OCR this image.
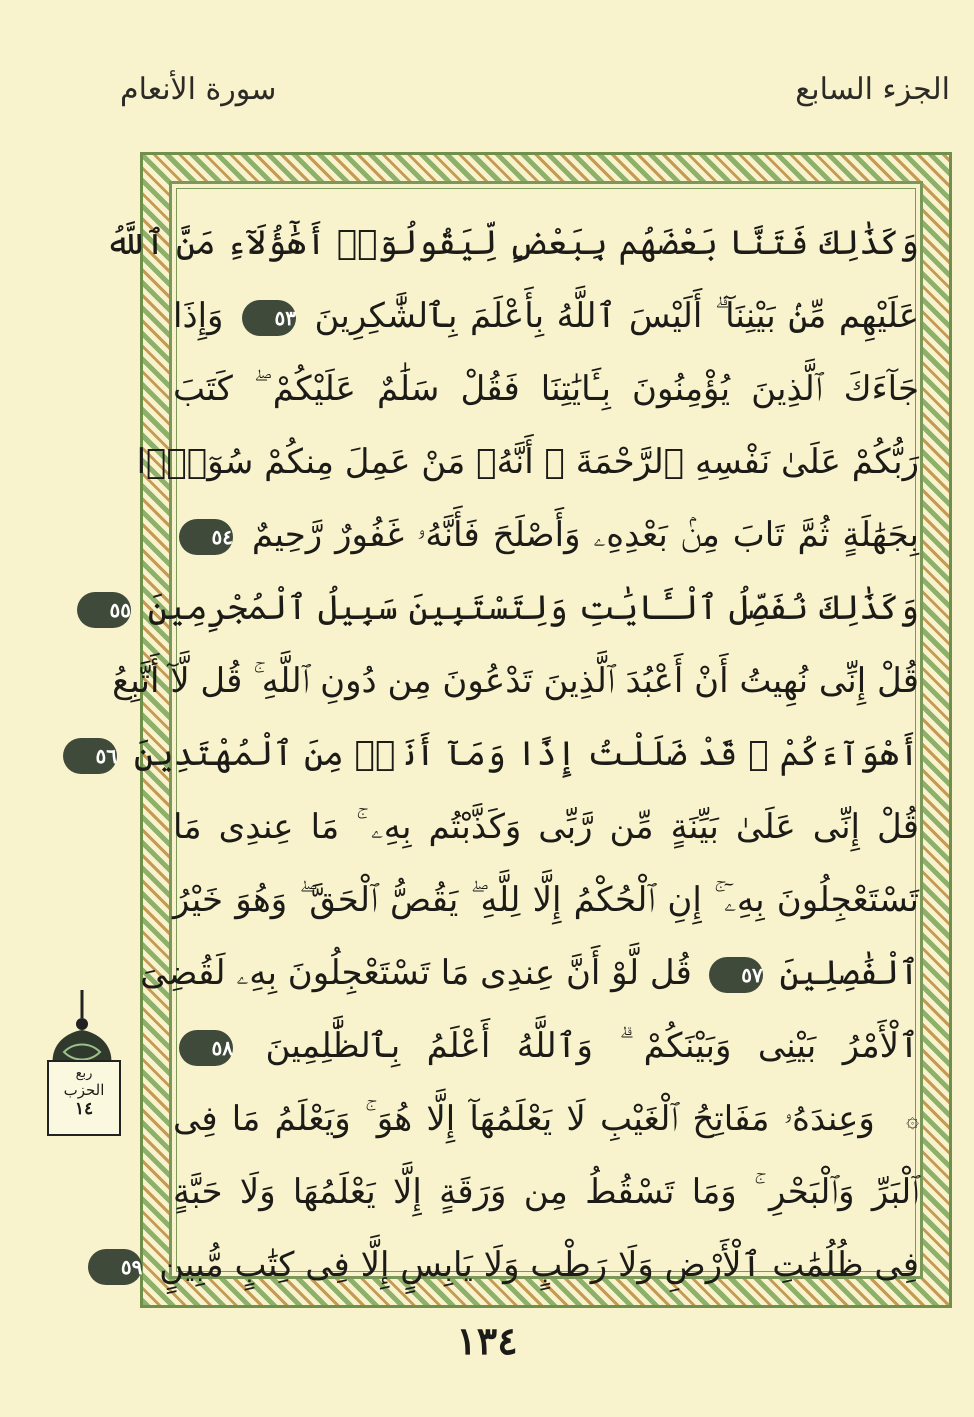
الجزء السابع
سورة الأنعام
وَكَذَٰلِكَ فَتَنَّا بَعْضَهُم بِبَعْضٍ لِّيَقُولُوٓا۟ أَهَٰٓؤُلَآءِ مَنَّ ٱللَّهُ
عَلَيْهِم مِّنۢ بَيْنِنَآ ۗ أَلَيْسَ ٱللَّهُ بِأَعْلَمَ بِٱلشَّٰكِرِينَ ٥٣ وَإِذَا
جَآءَكَ ٱلَّذِينَ يُؤْمِنُونَ بِـَٔايَٰتِنَا فَقُلْ سَلَٰمٌ عَلَيْكُمْ ۖ كَتَبَ
رَبُّكُمْ عَلَىٰ نَفْسِهِ ٱلرَّحْمَةَ ۖ أَنَّهُۥ مَنْ عَمِلَ مِنكُمْ سُوٓءًۢا
بِجَهَٰلَةٍ ثُمَّ تَابَ مِنۢ بَعْدِهِۦ وَأَصْلَحَ فَأَنَّهُۥ غَفُورٌ رَّحِيمٌ ٥٤
وَكَذَٰلِكَ نُفَصِّلُ ٱلْـَٔايَٰتِ وَلِتَسْتَبِينَ سَبِيلُ ٱلْمُجْرِمِينَ ٥٥
قُلْ إِنِّى نُهِيتُ أَنْ أَعْبُدَ ٱلَّذِينَ تَدْعُونَ مِن دُونِ ٱللَّهِ ۚ قُل لَّآ أَتَّبِعُ
أَهْوَآءَكُمْ ۙ قَدْ ضَلَلْتُ إِذًا وَمَآ أَنَا۠ مِنَ ٱلْمُهْتَدِينَ ٥٦
قُلْ إِنِّى عَلَىٰ بَيِّنَةٍ مِّن رَّبِّى وَكَذَّبْتُم بِهِۦ ۚ مَا عِندِى مَا
تَسْتَعْجِلُونَ بِهِۦٓ ۚ إِنِ ٱلْحُكْمُ إِلَّا لِلَّهِ ۖ يَقُصُّ ٱلْحَقَّ ۖ وَهُوَ خَيْرُ
ٱلْفَٰصِلِينَ ٥٧ قُل لَّوْ أَنَّ عِندِى مَا تَسْتَعْجِلُونَ بِهِۦ لَقُضِىَ
ٱلْأَمْرُ بَيْنِى وَبَيْنَكُمْ ۗ وَٱللَّهُ أَعْلَمُ بِٱلظَّٰلِمِينَ ٥٨
۞ وَعِندَهُۥ مَفَاتِحُ ٱلْغَيْبِ لَا يَعْلَمُهَآ إِلَّا هُوَ ۚ وَيَعْلَمُ مَا فِى
ٱلْبَرِّ وَٱلْبَحْرِ ۚ وَمَا تَسْقُطُ مِن وَرَقَةٍ إِلَّا يَعْلَمُهَا وَلَا حَبَّةٍ
فِى ظُلُمَٰتِ ٱلْأَرْضِ وَلَا رَطْبٍ وَلَا يَابِسٍ إِلَّا فِى كِتَٰبٍ مُّبِينٍ ٥٩
ربع
الحزب
١٤
١٣٤
